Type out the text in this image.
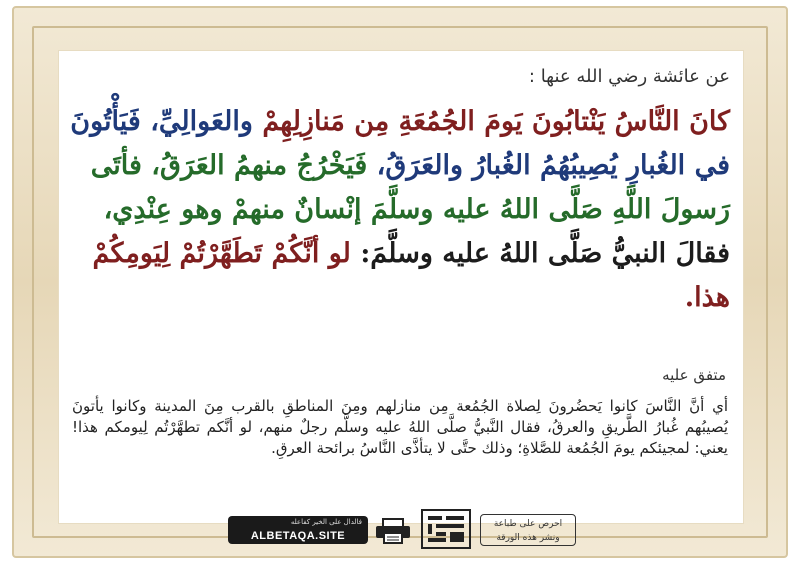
عن عائشة رضي الله عنها :
كانَ النَّاسُ يَنْتابُونَ يَومَ الجُمُعَةِ مِن مَنازِلِهِمْ والعَوالِيِّ، فَيَأْتُونَ في الغُبارِ يُصِيبُهُمُ الغُبارُ والعَرَقُ، فَيَخْرُجُ منهمُ العَرَقُ، فأتَى رَسولَ اللَّهِ صَلَّى اللهُ عليه وسلَّمَ إنْسانٌ منهمْ وهو عِنْدِي، فقالَ النبيُّ صَلَّى اللهُ عليه وسلَّمَ: لو أنَّكُمْ تَطَهَّرْتُمْ لِيَومِكُمْ هذا.
متفق عليه
أي أنَّ النَّاسَ كانوا يَحضُرونَ لِصلاة الجُمُعة مِن منازلهم ومِنَ المناطقِ بالقرب مِنَ المدينة وكانوا يأتونَ يُصيبُهم غُبارُ الطَّريقِ والعرقُ، فقال النَّبيُّ صلَّى اللهُ عليه وسلَّم رجلٌ منهم، لو أنَّكم تطهَّرْتُم لِيومكم هذا! يعني: لمجيئكم يومَ الجُمُعة للصَّلاةِ؛ وذلك حتَّى لا يتأذَّى النَّاسُ برائحة العرقِ.
فالدال على الخير كفاعله
ALBETAQA.SITE
احرص على طباعة
ونشر هذه الورقة
